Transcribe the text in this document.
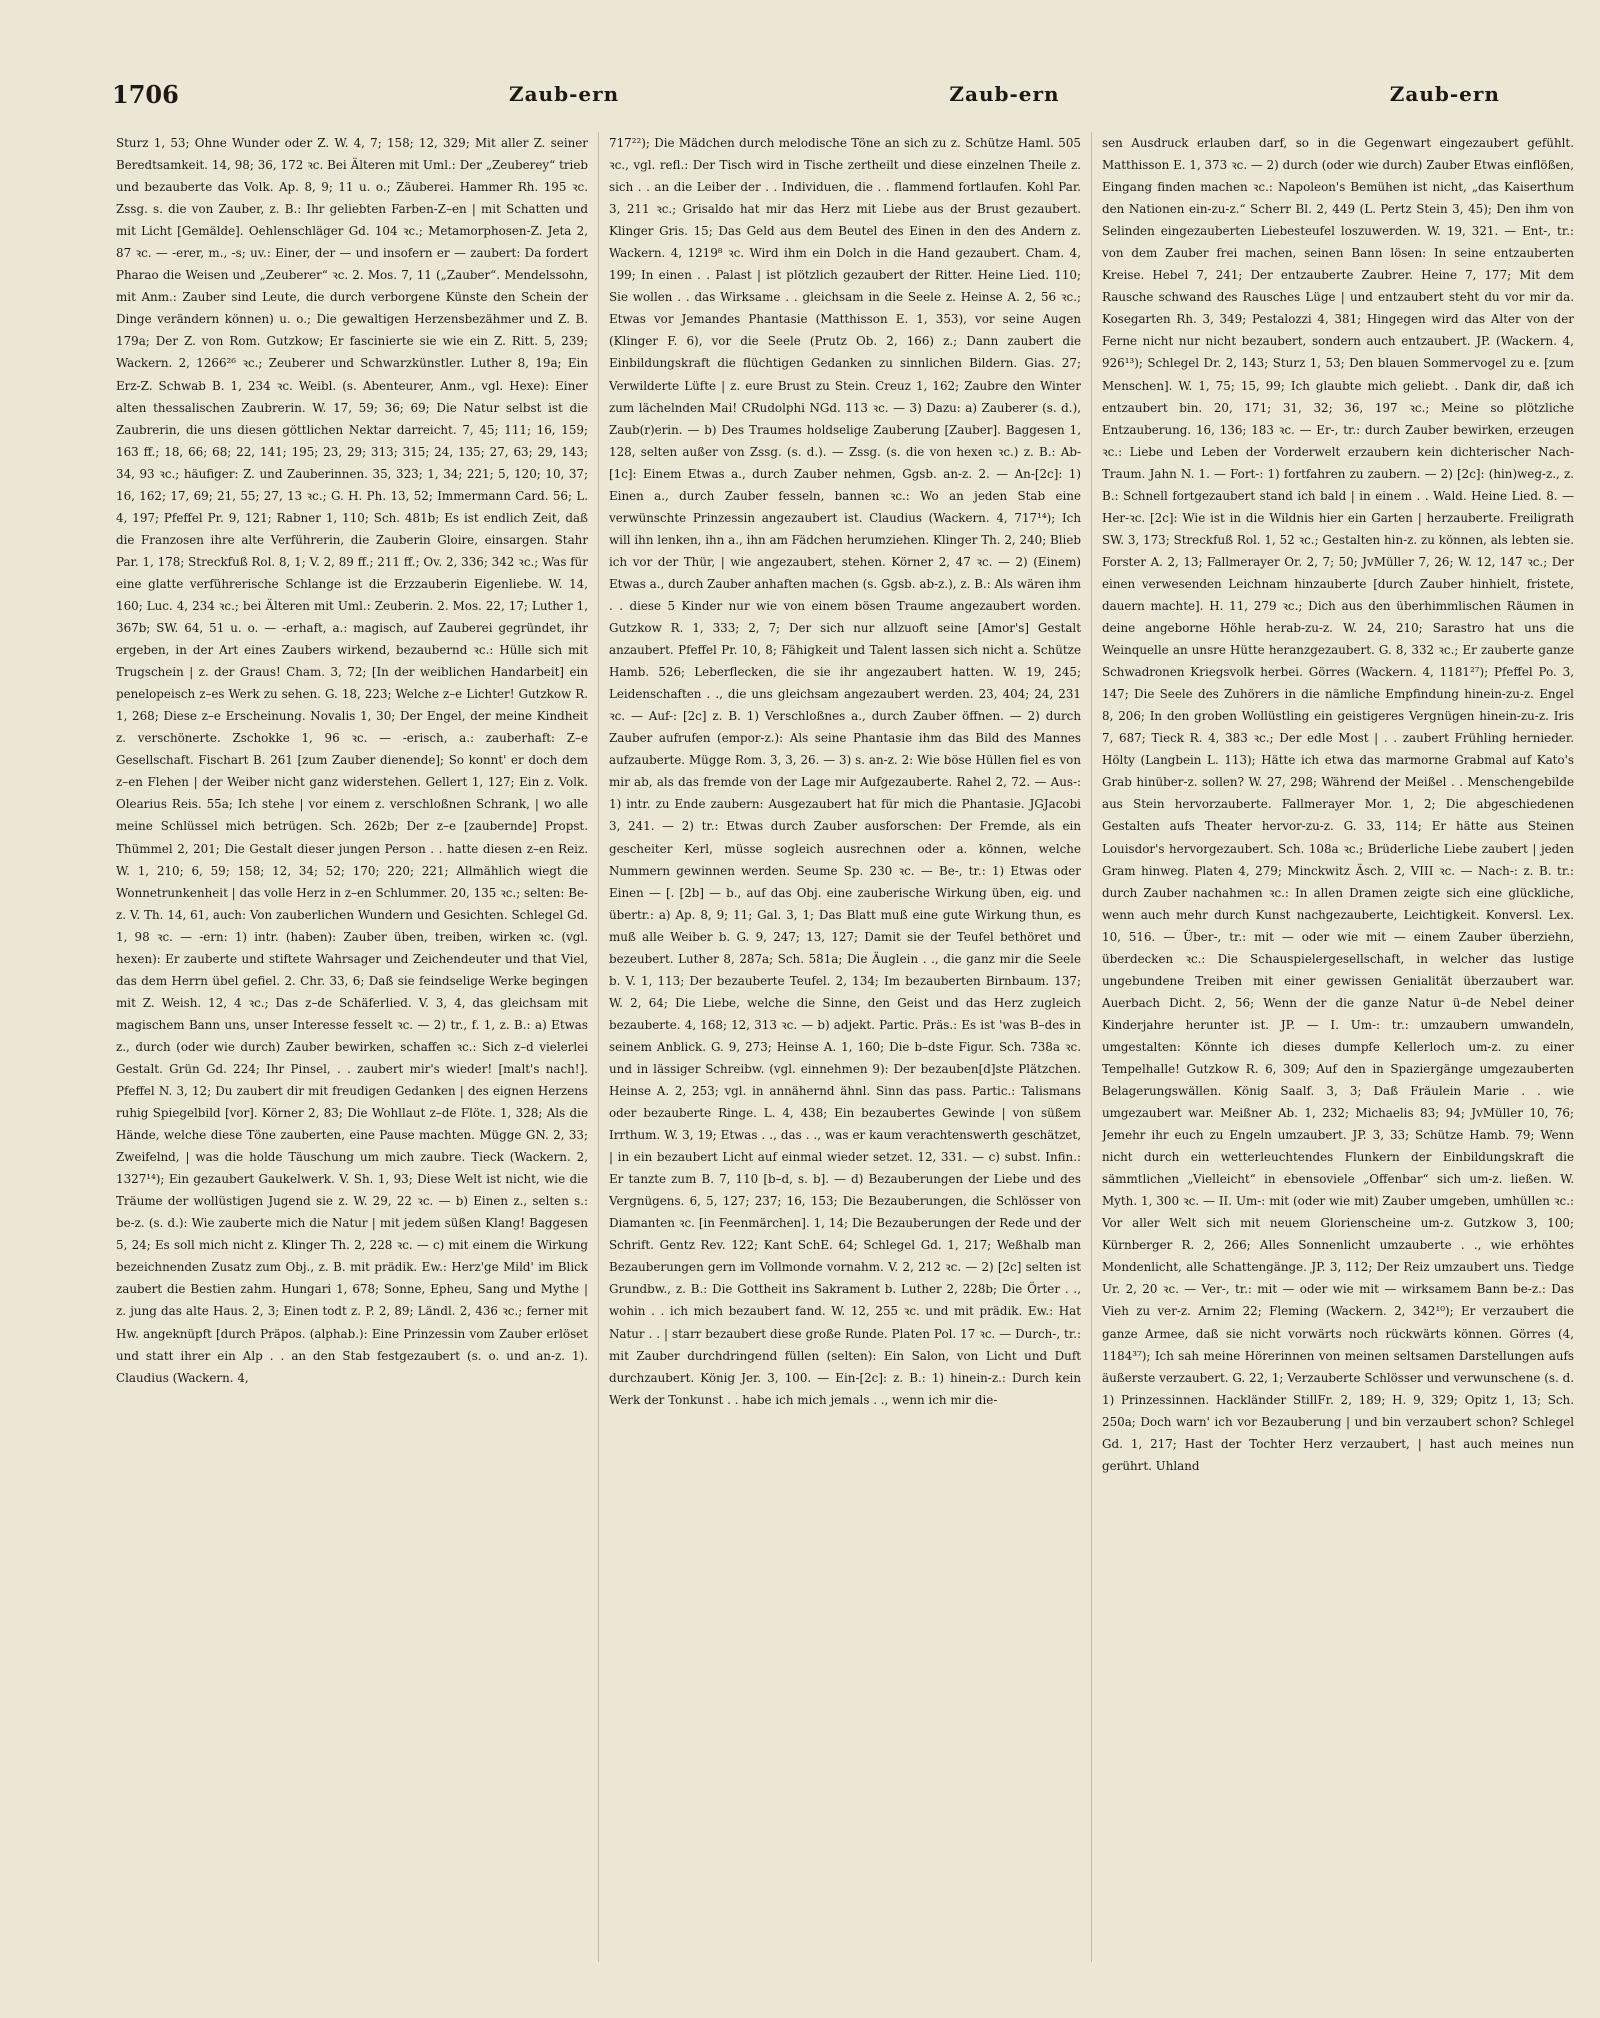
1706	Zaub-ern	Zaub-ern	Zaub-ern

Sturz 1, 53; Ohne Wunder oder Z. W. 4, 7; 158; 12, 329; Mit aller Z. seiner Beredtsamkeit. 14, 98; 36, 172 ꝛc. Bei Älteren mit Uml.: Der „Zeuberey“ trieb und bezauberte das Volk. Ap. 8, 9; 11 u. o.; Zäuberei. Hammer Rh. 195 ꝛc. Zssg. s. die von Zauber, z. B.: Ihr geliebten Farben-Z–en | mit Schatten und mit Licht [Gemälde]. Oehlenschläger Gd. 104 ꝛc.; Metamorphosen-Z. Jeta 2, 87 ꝛc. — -erer, m., -s; uv.: Einer, der — und insofern er — zaubert: Da fordert Pharao die Weisen und „Zeuberer“ ꝛc. 2. Mos. 7, 11 („Zauber“. Mendelssohn, mit Anm.: Zauber sind Leute, die durch verborgene Künste den Schein der Dinge verändern können) u. o.; Die gewaltigen Herzensbezähmer und Z. B. 179a; Der Z. von Rom. Gutzkow; Er fascinierte sie wie ein Z. Ritt. 5, 239; Wackern. 2, 1266²⁶ ꝛc.; Zeuberer und Schwarzkünstler. Luther 8, 19a; Ein Erz-Z. Schwab B. 1, 234 ꝛc. Weibl. (s. Abenteurer, Anm., vgl. Hexe): Einer alten thessalischen Zaubrerin. W. 17, 59; 36; 69; Die Natur selbst ist die Zaubrerin, die uns diesen göttlichen Nektar darreicht. 7, 45; 111; 16, 159; 163 ff.; 18, 66; 68; 22, 141; 195; 23, 29; 313; 315; 24, 135; 27, 63; 29, 143; 34, 93 ꝛc.; häufiger: Z. und Zauberinnen. 35, 323; 1, 34; 221; 5, 120; 10, 37; 16, 162; 17, 69; 21, 55; 27, 13 ꝛc.; G. H. Ph. 13, 52; Immermann Card. 56; L. 4, 197; Pfeffel Pr. 9, 121; Rabner 1, 110; Sch. 481b; Es ist endlich Zeit, daß die Franzosen ihre alte Verführerin, die Zauberin Gloire, einsargen. Stahr Par. 1, 178; Streckfuß Rol. 8, 1; V. 2, 89 ff.; 211 ff.; Ov. 2, 336; 342 ꝛc.; Was für eine glatte verführerische Schlange ist die Erzzauberin Eigenliebe. W. 14, 160; Luc. 4, 234 ꝛc.; bei Älteren mit Uml.: Zeuberin. 2. Mos. 22, 17; Luther 1, 367b; SW. 64, 51 u. o. — -erhaft, a.: magisch, auf Zauberei gegründet, ihr ergeben, in der Art eines Zaubers wirkend, bezaubernd ꝛc.: Hülle sich mit Trugschein | z. der Graus! Cham. 3, 72; [In der weiblichen Handarbeit] ein penelopeisch z–es Werk zu sehen. G. 18, 223; Welche z–e Lichter! Gutzkow R. 1, 268; Diese z–e Erscheinung. Novalis 1, 30; Der Engel, der meine Kindheit z. verschönerte. Zschokke 1, 96 ꝛc. — -erisch, a.: zauberhaft: Z–e Gesellschaft. Fischart B. 261 [zum Zauber dienende]; So konnt' er doch dem z–en Flehen | der Weiber nicht ganz widerstehen. Gellert 1, 127; Ein z. Volk. Olearius Reis. 55a; Ich stehe | vor einem z. verschloßnen Schrank, | wo alle meine Schlüssel mich betrügen. Sch. 262b; Der z–e [zaubernde] Propst. Thümmel 2, 201; Die Gestalt dieser jungen Person . . hatte diesen z–en Reiz. W. 1, 210; 6, 59; 158; 12, 34; 52; 170; 220; 221; Allmählich wiegt die Wonnetrunkenheit | das volle Herz in z–en Schlummer. 20, 135 ꝛc.; selten: Be-z. V. Th. 14, 61, auch: Von zauberlichen Wundern und Gesichten. Schlegel Gd. 1, 98 ꝛc. — -ern: 1) intr. (haben): Zauber üben, treiben, wirken ꝛc. (vgl. hexen): Er zauberte und stiftete Wahrsager und Zeichendeuter und that Viel, das dem Herrn übel gefiel. 2. Chr. 33, 6; Daß sie feindselige Werke begingen mit Z. Weish. 12, 4 ꝛc.; Das z–de Schäferlied. V. 3, 4, das gleichsam mit magischem Bann uns, unser Interesse fesselt ꝛc. — 2) tr., f. 1, z. B.: a) Etwas z., durch (oder wie durch) Zauber bewirken, schaffen ꝛc.: Sich z–d vielerlei Gestalt. Grün Gd. 224; Ihr Pinsel, . . zaubert mir's wieder! [malt's nach!]. Pfeffel N. 3, 12; Du zaubert dir mit freudigen Gedanken | des eignen Herzens ruhig Spiegelbild [vor]. Körner 2, 83; Die Wohllaut z–de Flöte. 1, 328; Als die Hände, welche diese Töne zauberten, eine Pause machten. Müggе GN. 2, 33; Zweifelnd, | was die holde Täuschung um mich zaubre. Tieck (Wackern. 2, 1327¹⁴); Ein gezaubert Gaukelwerk. V. Sh. 1, 93; Diese Welt ist nicht, wie die Träume der wollüstigen Jugend sie z. W. 29, 22 ꝛc. — b) Einen z., selten s.: be-z. (s. d.): Wie zauberte mich die Natur | mit jedem süßen Klang! Baggesen 5, 24; Es soll mich nicht z. Klinger Th. 2, 228 ꝛc. — c) mit einem die Wirkung bezeichnenden Zusatz zum Obj., z. B. mit prädik. Ew.: Herz'ge Mild' im Blick zaubert die Bestien zahm. Hungari 1, 678; Sonne, Epheu, Sang und Mythe | z. jung das alte Haus. 2, 3; Einen todt z. P. 2, 89; Ländl. 2, 436 ꝛc.; ferner mit Hw. angeknüpft [durch Präpos. (alphab.): Eine Prinzessin vom Zauber erlöset und statt ihrer ein Alp . . an den Stab festgezaubert (s. o. und an-z. 1). Claudius (Wackern. 4,

717²²); Die Mädchen durch melodische Töne an sich zu z. Schütze Haml. 505 ꝛc., vgl. refl.: Der Tisch wird in Tische zertheilt und diese einzelnen Theile z. sich . . an die Leiber der . . Individuen, die . . flammend fortlaufen. Kohl Par. 3, 211 ꝛc.; Grisaldo hat mir das Herz mit Liebe aus der Brust gezaubert. Klinger Gris. 15; Das Geld aus dem Beutel des Einen in den des Andern z. Wackern. 4, 1219⁸ ꝛc. Wird ihm ein Dolch in die Hand gezaubert. Cham. 4, 199; In einen . . Palast | ist plötzlich gezaubert der Ritter. Heine Lied. 110; Sie wollen . . das Wirksame . . gleichsam in die Seele z. Heinse A. 2, 56 ꝛc.; Etwas vor Jemandes Phantasie (Matthisson E. 1, 353), vor seine Augen (Klinger F. 6), vor die Seele (Prutz Ob. 2, 166) z.; Dann zaubert die Einbildungskraft die flüchtigen Gedanken zu sinnlichen Bildern. Gias. 27; Verwilderte Lüfte | z. eure Brust zu Stein. Creuz 1, 162; Zaubre den Winter zum lächelnden Mai! CRudolphi NGd. 113 ꝛc. — 3) Dazu: a) Zauberer (s. d.), Zaub(r)erin. — b) Des Traumes holdselige Zauberung [Zauber]. Baggesen 1, 128, selten außer von Zssg. (s. d.). — Zssg. (s. die von hexen ꝛc.) z. B.: Ab-[1c]: Einem Etwas a., durch Zauber nehmen, Ggsb. an-z. 2. — An-[2c]: 1) Einen a., durch Zauber fesseln, bannen ꝛc.: Wo an jeden Stab eine verwünschte Prinzessin angezaubert ist. Claudius (Wackern. 4, 717¹⁴); Ich will ihn lenken, ihn a., ihn am Fädchen herumziehen. Klinger Th. 2, 240; Blieb ich vor der Thür, | wie angezaubert, stehen. Körner 2, 47 ꝛc. — 2) (Einem) Etwas a., durch Zauber anhaften machen (s. Ggsb. ab-z.), z. B.: Als wären ihm . . diese 5 Kinder nur wie von einem bösen Traume angezaubert worden. Gutzkow R. 1, 333; 2, 7; Der sich nur allzuoft seine [Amor's] Gestalt anzaubert. Pfeffel Pr. 10, 8; Fähigkeit und Talent lassen sich nicht a. Schütze Hamb. 526; Leberflecken, die sie ihr angezaubert hatten. W. 19, 245; Leidenschaften . ., die uns gleichsam angezaubert werden. 23, 404; 24, 231 ꝛc. — Auf-: [2c] z. B. 1) Verschloßnes a., durch Zauber öffnen. — 2) durch Zauber aufrufen (empor-z.): Als seine Phantasie ihm das Bild des Mannes aufzauberte. Müggе Rom. 3, 3, 26. — 3) s. an-z. 2: Wie böse Hüllen fiel es von mir ab, als das fremde von der Lage mir Aufgezauberte. Rahel 2, 72. — Aus-: 1) intr. zu Ende zaubern: Ausgezaubert hat für mich die Phantasie. JGJacobi 3, 241. — 2) tr.: Etwas durch Zauber ausforschen: Der Fremde, als ein gescheiter Kerl, müsse sogleich ausrechnen oder a. können, welche Nummern gewinnen werden. Seume Sp. 230 ꝛc. — Be-, tr.: 1) Etwas oder Einen — [. [2b] — b., auf das Obj. eine zauberische Wirkung üben, eig. und übertr.: a) Ap. 8, 9; 11; Gal. 3, 1; Das Blatt muß eine gute Wirkung thun, es muß alle Weiber b. G. 9, 247; 13, 127; Damit sie der Teufel bethöret und bezeubert. Luther 8, 287a; Sch. 581a; Die Äuglein . ., die ganz mir die Seele b. V. 1, 113; Der bezauberte Teufel. 2, 134; Im bezauberten Birnbaum. 137; W. 2, 64; Die Liebe, welche die Sinne, den Geist und das Herz zugleich bezauberte. 4, 168; 12, 313 ꝛc. — b) adjekt. Partic. Präs.: Es ist 'was B–des in seinem Anblick. G. 9, 273; Heinse A. 1, 160; Die b–dste Figur. Sch. 738a ꝛc. und in lässiger Schreibw. (vgl. einnehmen 9): Der bezauben[d]ste Plätzchen. Heinse A. 2, 253; vgl. in annähernd ähnl. Sinn das pass. Partic.: Talismans oder bezauberte Ringe. L. 4, 438; Ein bezaubertes Gewinde | von süßem Irrthum. W. 3, 19; Etwas . ., das . ., was er kaum verachtenswerth geschätzet, | in ein bezaubert Licht auf einmal wieder setzet. 12, 331. — c) subst. Infin.: Er tanzte zum B. 7, 110 [b–d, s. b]. — d) Bezauberungen der Liebe und des Vergnügens. 6, 5, 127; 237; 16, 153; Die Bezauberungen, die Schlösser von Diamanten ꝛc. [in Feenmärchen]. 1, 14; Die Bezauberungen der Rede und der Schrift. Gentz Rev. 122; Kant SchE. 64; Schlegel Gd. 1, 217; Weßhalb man Bezauberungen gern im Vollmonde vornahm. V. 2, 212 ꝛc. — 2) [2c] selten ist Grundbw., z. B.: Die Gottheit ins Sakrament b. Luther 2, 228b; Die Örter . ., wohin . . ich mich bezaubert fand. W. 12, 255 ꝛc. und mit prädik. Ew.: Hat Natur . . | starr bezaubert diese große Runde. Platen Pol. 17 ꝛc. — Durch-, tr.: mit Zauber durchdringend füllen (selten): Ein Salon, von Licht und Duft durchzaubert. König Jer. 3, 100. — Ein-[2c]: z. B.: 1) hinein-z.: Durch kein Werk der Tonkunst . . habe ich mich jemals . ., wenn ich mir die-

sen Ausdruck erlauben darf, so in die Gegenwart eingezaubert gefühlt. Matthisson E. 1, 373 ꝛc. — 2) durch (oder wie durch) Zauber Etwas einflößen, Eingang finden machen ꝛc.: Napoleon's Bemühen ist nicht, „das Kaiserthum den Nationen ein-zu-z.“ Scherr Bl. 2, 449 (L. Pertz Stein 3, 45); Den ihm von Selinden eingezauberten Liebesteufel loszuwerden. W. 19, 321. — Ent-, tr.: von dem Zauber frei machen, seinen Bann lösen: In seine entzauberten Kreise. Hebel 7, 241; Der entzauberte Zaubrer. Heine 7, 177; Mit dem Rausche schwand des Rausches Lüge | und entzaubert steht du vor mir da. Kosegarten Rh. 3, 349; Pestalozzi 4, 381; Hingegen wird das Alter von der Ferne nicht nur nicht bezaubert, sondern auch entzaubert. JP. (Wackern. 4, 926¹³); Schlegel Dr. 2, 143; Sturz 1, 53; Den blauen Sommervogel zu e. [zum Menschen]. W. 1, 75; 15, 99; Ich glaubte mich geliebt. . Dank dir, daß ich entzaubert bin. 20, 171; 31, 32; 36, 197 ꝛc.; Meine so plötzliche Entzauberung. 16, 136; 183 ꝛc. — Er-, tr.: durch Zauber bewirken, erzeugen ꝛc.: Liebe und Leben der Vorderwelt erzaubern kein dichterischer Nach-Traum. Jahn N. 1. — Fort-: 1) fortfahren zu zaubern. — 2) [2c]: (hin)weg-z., z. B.: Schnell fortgezaubert stand ich bald | in einem . . Wald. Heine Lied. 8. — Her-ꝛc. [2c]: Wie ist in die Wildnis hier ein Garten | herzauberte. Freiligrath SW. 3, 173; Streckfuß Rol. 1, 52 ꝛc.; Gestalten hin-z. zu können, als lebten sie. Forster A. 2, 13; Fallmerayer Or. 2, 7; 50; JvMüller 7, 26; W. 12, 147 ꝛc.; Der einen verwesenden Leichnam hinzauberte [durch Zauber hinhielt, fristete, dauern machte]. H. 11, 279 ꝛc.; Dich aus den überhimmlischen Räumen in deine angeborne Höhle herab-zu-z. W. 24, 210; Sarastro hat uns die Weinquelle an unsre Hütte heranzgezaubert. G. 8, 332 ꝛc.; Er zauberte ganze Schwadronen Kriegsvolk herbei. Görres (Wackern. 4, 1181²⁷); Pfeffel Po. 3, 147; Die Seele des Zuhörers in die nämliche Empfindung hinein-zu-z. Engel 8, 206; In den groben Wollüstling ein geistigeres Vergnügen hinein-zu-z. Iris 7, 687; Tieck R. 4, 383 ꝛc.; Der edle Most | . . zaubert Frühling hernieder. Hölty (Langbein L. 113); Hätte ich etwa das marmorne Grabmal auf Kato's Grab hinüber-z. sollen? W. 27, 298; Während der Meißel . . Menschengebilde aus Stein hervorzauberte. Fallmerayer Mor. 1, 2; Die abgeschiedenen Gestalten aufs Theater hervor-zu-z. G. 33, 114; Er hätte aus Steinen Louisdor's hervorgezaubert. Sch. 108a ꝛc.; Brüderliche Liebe zaubert | jeden Gram hinweg. Platen 4, 279; Minckwitz Äsch. 2, VIII ꝛc. — Nach-: z. B. tr.: durch Zauber nachahmen ꝛc.: In allen Dramen zeigte sich eine glückliche, wenn auch mehr durch Kunst nachgezauberte, Leichtigkeit. Konversl. Lex. 10, 516. — Über-, tr.: mit — oder wie mit — einem Zauber überziehn, überdecken ꝛc.: Die Schauspielergesellschaft, in welcher das lustige ungebundene Treiben mit einer gewissen Genialität überzaubert war. Auerbach Dicht. 2, 56; Wenn der die ganze Natur ü–de Nebel deiner Kinderjahre herunter ist. JP. — I. Um-: tr.: umzaubern umwandeln, umgestalten: Könnte ich dieses dumpfe Kellerloch um-z. zu einer Tempelhalle! Gutzkow R. 6, 309; Auf den in Spaziergänge umgezauberten Belagerungswällen. König Saalf. 3, 3; Daß Fräulein Marie . . wie umgezaubert war. Meißner Ab. 1, 232; Michaelis 83; 94; JvMüller 10, 76; Jemehr ihr euch zu Engeln umzaubert. JP. 3, 33; Schütze Hamb. 79; Wenn nicht durch ein wetterleuchtendes Flunkern der Einbildungskraft die sämmtlichen „Vielleicht“ in ebensoviele „Offenbar“ sich um-z. ließen. W. Myth. 1, 300 ꝛc. — II. Um-: mit (oder wie mit) Zauber umgeben, umhüllen ꝛc.: Vor aller Welt sich mit neuem Glorienscheine um-z. Gutzkow 3, 100; Kürnberger R. 2, 266; Alles Sonnenlicht umzauberte . ., wie erhöhtes Mondenlicht, alle Schattengänge. JP. 3, 112; Der Reiz umzaubert uns. Tiedge Ur. 2, 20 ꝛc. — Ver-, tr.: mit — oder wie mit — wirksamem Bann be-z.: Das Vieh zu ver-z. Arnim 22; Fleming (Wackern. 2, 342¹⁰); Er verzaubert die ganze Armee, daß sie nicht vorwärts noch rückwärts können. Görres (4, 1184³⁷); Ich sah meine Hörerinnen von meinen seltsamen Darstellungen aufs äußerste verzaubert. G. 22, 1; Verzauberte Schlösser und verwunschene (s. d. 1) Prinzessinnen. Hackländer StillFr. 2, 189; H. 9, 329; Opitz 1, 13; Sch. 250a; Doch warn' ich vor Bezauberung | und bin verzaubert schon? Schlegel Gd. 1, 217; Hast der Tochter Herz verzaubert, | hast auch meines nun gerührt. Uhland
